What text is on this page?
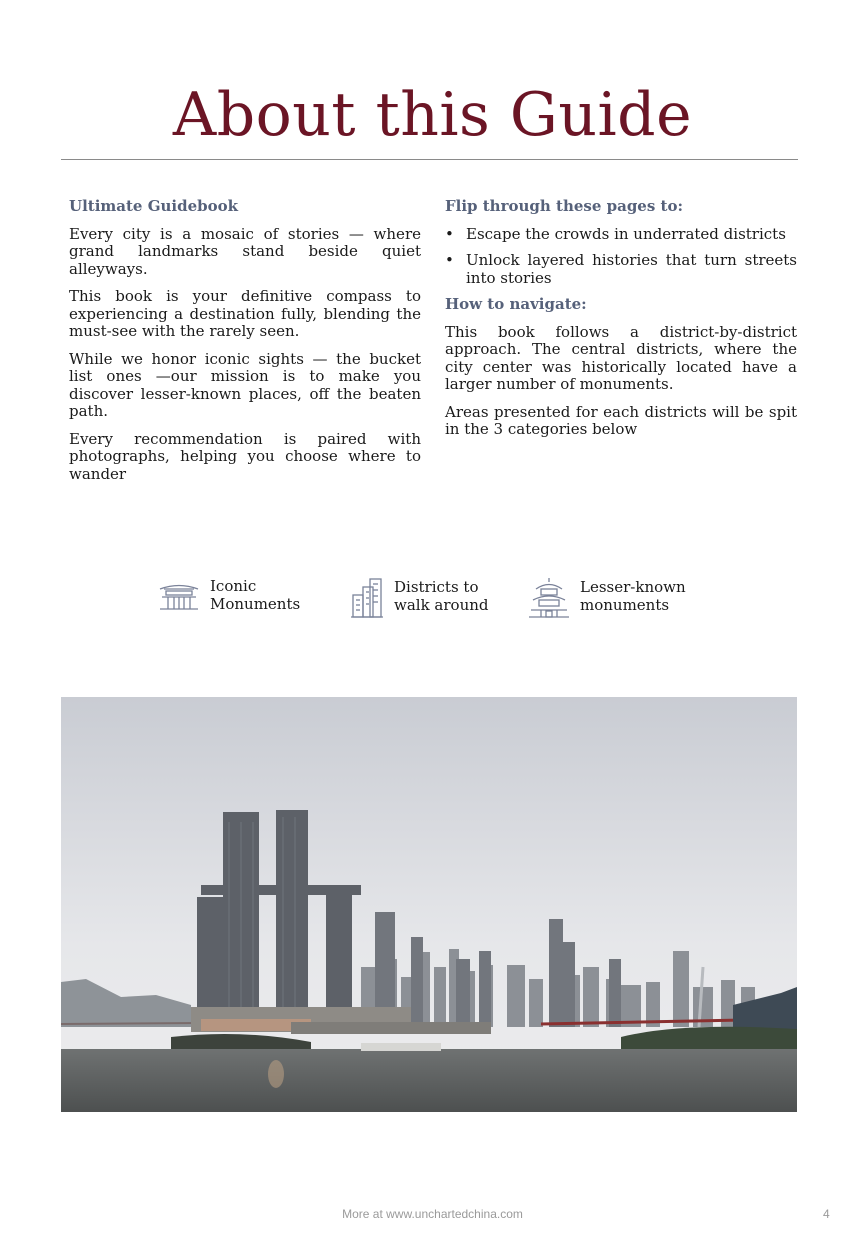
About this Guide
Ultimate Guidebook

Every city is a mosaic of stories — where grand landmarks stand beside quiet alleyways.

This book is your definitive compass to experiencing a destination fully, blending the must-see with the rarely seen.

While we honor iconic sights — the bucket list ones —our mission is to make you discover lesser-known places, off the beaten path.

Every recommendation is paired with photographs, helping you choose where to wander

Flip through these pages to:
• Escape the crowds in underrated districts
• Unlock layered histories that turn streets into stories
How to navigate:

This book follows a district-by-district approach. The central districts, where the city center was historically located have a larger number of monuments.

Areas presented for each districts will be spit in the 3 categories below

Iconic
Monuments
Districts to
walk around
Lesser-known
monuments
More at www.unchartedchina.com	4
